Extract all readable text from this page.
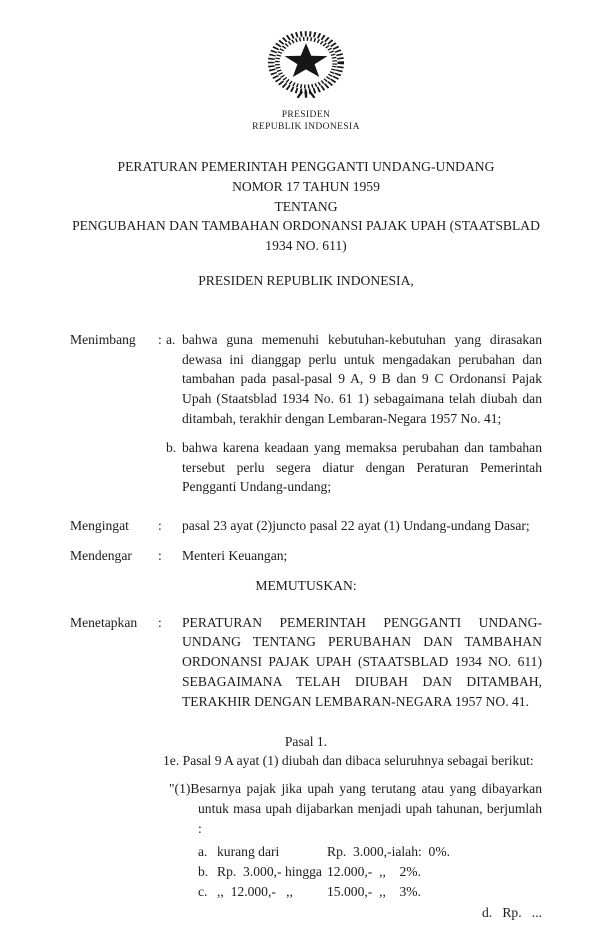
PRESIDEN
REPUBLIK INDONESIA
PERATURAN PEMERINTAH PENGGANTI UNDANG-UNDANG
NOMOR 17 TAHUN 1959
TENTANG
PENGUBAHAN DAN TAMBAHAN ORDONANSI PAJAK UPAH (STAATSBLAD
1934 NO. 611)
PRESIDEN REPUBLIK INDONESIA,
Menimbang	: a. bahwa guna memenuhi kebutuhan-kebutuhan yang dirasakan dewasa ini dianggap perlu untuk mengadakan perubahan dan tambahan pada pasal-pasal 9 A, 9 B dan 9 C Ordonansi Pajak Upah (Staatsblad 1934 No. 61 1) sebagaimana telah diubah dan ditambah, terakhir dengan Lembaran-Negara 1957 No. 41;

b. bahwa karena keadaan yang memaksa perubahan dan tambahan tersebut perlu segera diatur dengan Peraturan Pemerintah Pengganti Undang-undang;

Mengingat	:	pasal 23 ayat (2)juncto pasal 22 ayat (1) Undang-undang Dasar;

Mendengar	:	Menteri Keuangan;

MEMUTUSKAN:
Menetapkan	:	PERATURAN PEMERINTAH PENGGANTI UNDANG-UNDANG TENTANG PERUBAHAN DAN TAMBAHAN ORDONANSI PAJAK UPAH (STAATSBLAD 1934 NO. 611) SEBAGAIMANA TELAH DIUBAH DAN DITAMBAH, TERAKHIR DENGAN LEMBARAN-NEGARA 1957 NO. 41.

Pasal 1.
1e. Pasal 9 A ayat (1) diubah dan dibaca seluruhnya sebagai berikut:
"(1)Besarnya pajak jika upah yang terutang atau yang dibayarkan untuk masa upah dijabarkan menjadi upah tahunan, berjumlah :
a. kurang dari	Rp.  3.000,-ialah:  0%.
b. Rp.  3.000,- hingga 12.000,-  ,,    2%.
c. ,,  12.000,-   ,,	15.000,-  ,,    3%.
d.   Rp.   ...
